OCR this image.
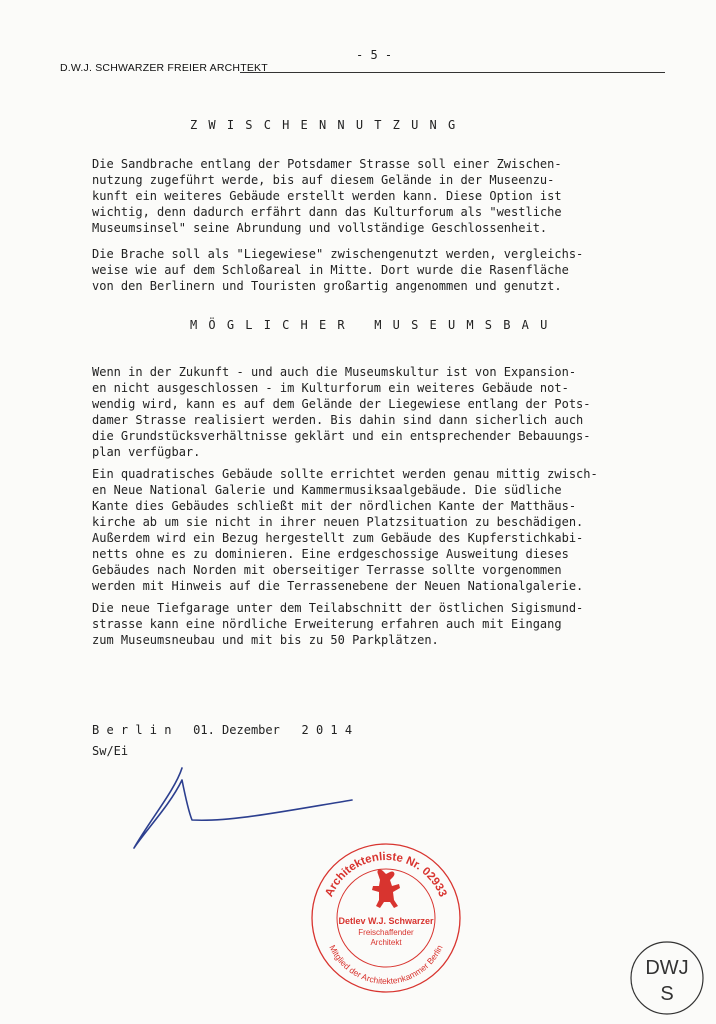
D.W.J. SCHWARZER FREIER ARCHTEKT
- 5 -
ZWISCHENNUTZUNG

Die Sandbrache entlang der Potsdamer Strasse soll einer Zwischen-
nutzung zugeführt werde, bis auf diesem Gelände in der Museenzu-
kunft ein weiteres Gebäude erstellt werden kann. Diese Option ist
wichtig, denn dadurch erfährt dann das Kulturforum als "westliche
Museumsinsel" seine Abrundung und vollständige Geschlossenheit.

Die Brache soll als "Liegewiese" zwischengenutzt werden, vergleichs-
weise wie auf dem Schloßareal in Mitte. Dort wurde die Rasenfläche
von den Berlinern und Touristen großartig angenommen und genutzt.

MÖGLICHER MUSEUMSBAU

Wenn in der Zukunft - und auch die Museumskultur ist von Expansion-
en nicht ausgeschlossen - im Kulturforum ein weiteres Gebäude not-
wendig wird, kann es auf dem Gelände der Liegewiese entlang der Pots-
damer Strasse realisiert werden. Bis dahin sind dann sicherlich auch
die Grundstücksverhältnisse geklärt und ein entsprechender Bebauungs-
plan verfügbar.

Ein quadratisches Gebäude sollte errichtet werden genau mittig zwisch-
en Neue National Galerie und Kammermusiksaalgebäude. Die südliche
Kante dies Gebäudes schließt mit der nördlichen Kante der Matthäus-
kirche ab um sie nicht in ihrer neuen Platzsituation zu beschädigen.
Außerdem wird ein Bezug hergestellt zum Gebäude des Kupferstichkabi-
netts ohne es zu dominieren. Eine erdgeschossige Ausweitung dieses
Gebäudes nach Norden mit oberseitiger Terrasse sollte vorgenommen
werden mit Hinweis auf die Terrassenebene der Neuen Nationalgalerie.

Die neue Tiefgarage unter dem Teilabschnitt der östlichen Sigismund-
strasse kann eine nördliche Erweiterung erfahren auch mit Eingang
zum Museumsneubau und mit bis zu 50 Parkplätzen.

B e r l i n   01. Dezember   2 0 1 4
Sw/Ei
Architektenliste Nr. 02933
Mitglied der Architektenkammer Berlin
Detlev W.J. Schwarzer
Freischaffender
Architekt
DWJ
S
